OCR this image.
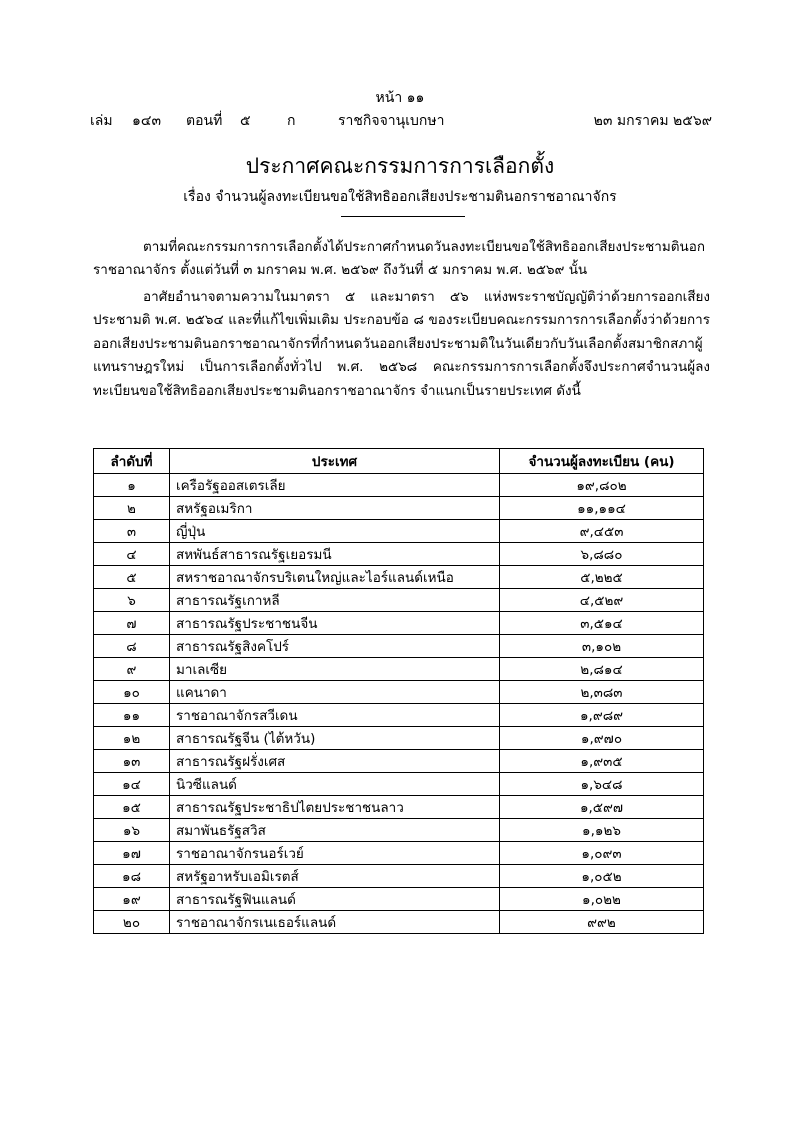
หน้า ๑๑
เล่ม ๑๔๓ ตอนที่ ๕	ก	ราชกิจจานุเบกษา	๒๓ มกราคม ๒๕๖๙
ประกาศคณะกรรมการการเลือกตั้ง
เรื่อง จำนวนผู้ลงทะเบียนขอใช้สิทธิออกเสียงประชามตินอกราชอาณาจักร

ตามที่คณะกรรมการการเลือกตั้งได้ประกาศกำหนดวันลงทะเบียนขอใช้สิทธิออกเสียงประชามตินอกราชอาณาจักร ตั้งแต่วันที่ ๓ มกราคม พ.ศ. ๒๕๖๙ ถึงวันที่ ๕ มกราคม พ.ศ. ๒๕๖๙ นั้น

อาศัยอำนาจตามความในมาตรา ๕ และมาตรา ๕๖ แห่งพระราชบัญญัติว่าด้วยการออกเสียงประชามติ พ.ศ. ๒๕๖๔ และที่แก้ไขเพิ่มเติม ประกอบข้อ ๘ ของระเบียบคณะกรรมการการเลือกตั้งว่าด้วยการออกเสียงประชามตินอกราชอาณาจักรที่กำหนดวันออกเสียงประชามติในวันเดียวกับวันเลือกตั้งสมาชิกสภาผู้แทนราษฎรใหม่ เป็นการเลือกตั้งทั่วไป พ.ศ. ๒๕๖๘ คณะกรรมการการเลือกตั้งจึงประกาศจำนวนผู้ลงทะเบียนขอใช้สิทธิออกเสียงประชามตินอกราชอาณาจักร จำแนกเป็นรายประเทศ ดังนี้

ลำดับที่	ประเทศ	จำนวนผู้ลงทะเบียน (คน)
๑	เครือรัฐออสเตรเลีย	๑๙,๘๐๒
๒	สหรัฐอเมริกา	๑๑,๑๑๔
๓	ญี่ปุ่น	๙,๔๕๓
๔	สหพันธ์สาธารณรัฐเยอรมนี	๖,๘๘๐
๕	สหราชอาณาจักรบริเตนใหญ่และไอร์แลนด์เหนือ	๕,๒๒๕
๖	สาธารณรัฐเกาหลี	๔,๕๒๙
๗	สาธารณรัฐประชาชนจีน	๓,๕๑๔
๘	สาธารณรัฐสิงคโปร์	๓,๑๐๒
๙	มาเลเซีย	๒,๘๑๔
๑๐	แคนาดา	๒,๓๘๓
๑๑	ราชอาณาจักรสวีเดน	๑,๙๘๙
๑๒	สาธารณรัฐจีน (ไต้หวัน)	๑,๙๗๐
๑๓	สาธารณรัฐฝรั่งเศส	๑,๙๓๕
๑๔	นิวซีแลนด์	๑,๖๔๘
๑๕	สาธารณรัฐประชาธิปไตยประชาชนลาว	๑,๕๙๗
๑๖	สมาพันธรัฐสวิส	๑,๑๒๖
๑๗	ราชอาณาจักรนอร์เวย์	๑,๐๙๓
๑๘	สหรัฐอาหรับเอมิเรตส์	๑,๐๕๒
๑๙	สาธารณรัฐฟินแลนด์	๑,๐๒๒
๒๐	ราชอาณาจักรเนเธอร์แลนด์	๙๙๒
